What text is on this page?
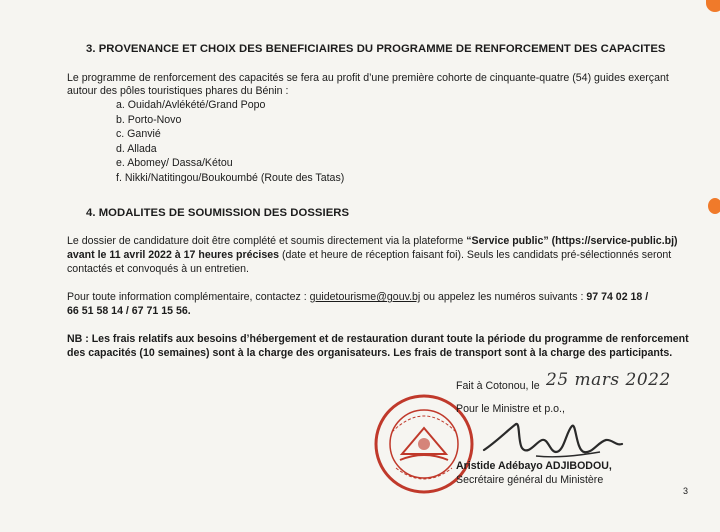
3. PROVENANCE ET CHOIX DES BENEFICIAIRES DU PROGRAMME DE RENFORCEMENT DES CAPACITES
Le programme de renforcement des capacités se fera au profit d’une première cohorte de cinquante-quatre (54) guides exerçant
autour des pôles touristiques phares du Bénin :
a. Ouidah/Avlékété/Grand Popo
b. Porto-Novo
c. Ganvié
d. Allada
e. Abomey/ Dassa/Kétou
f. Nikki/Natitingou/Boukoumbé (Route des Tatas)
4. MODALITES DE SOUMISSION DES DOSSIERS
Le dossier de candidature doit être complété et soumis directement via la plateforme “Service public” (https://service-public.bj)
avant le 11 avril 2022 à 17 heures précises (date et heure de réception faisant foi). Seuls les candidats pré-sélectionnés seront
contactés et convoqués à un entretien.
Pour toute information complémentaire, contactez : guidetourisme@gouv.bj ou appelez les numéros suivants : 97 74 02 18 /
66 51 58 14 / 67 71 15 56.
NB : Les frais relatifs aux besoins d’hébergement et de restauration durant toute la période du programme de renforcement
des capacités (10 semaines) sont à la charge des organisateurs. Les frais de transport sont à la charge des participants.
Fait à Cotonou, le 25 mars 2022
Pour le Ministre et p.o.,
Aristide Adébayo ADJIBODOU,
Secrétaire général du Ministère
3
